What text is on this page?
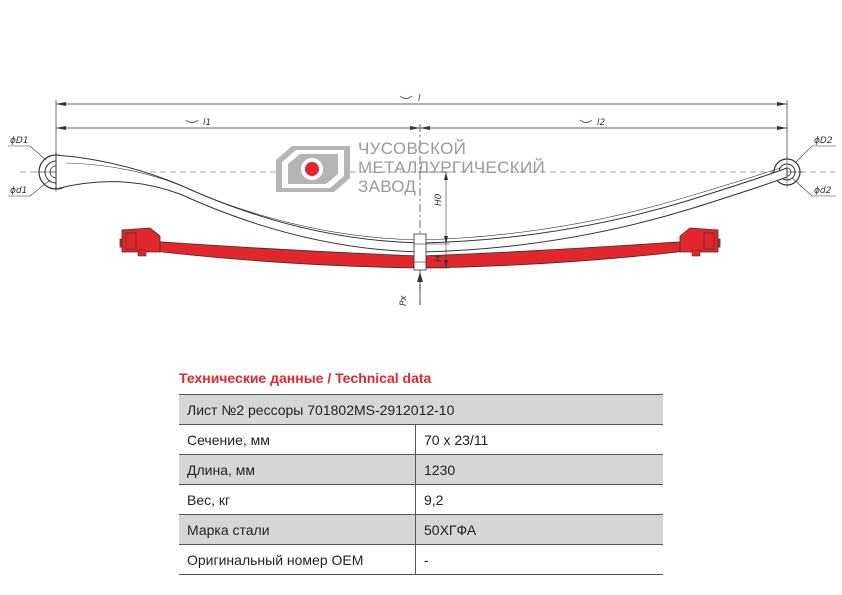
l
l1	l2
ϕD1
ϕd1
ϕD2
ϕd2
H0
H
Px
ЧУСОВСКОЙ
МЕТАЛЛУРГИЧЕСКИЙ
ЗАВОД
Технические данные / Technical data
Лист №2 рессоры 701802MS-2912012-10	
Сечение, мм	70 x 23/11
Длина, мм	1230
Вес, кг	9,2
Марка стали	50ХГФА
Оригинальный номер OEM	-
